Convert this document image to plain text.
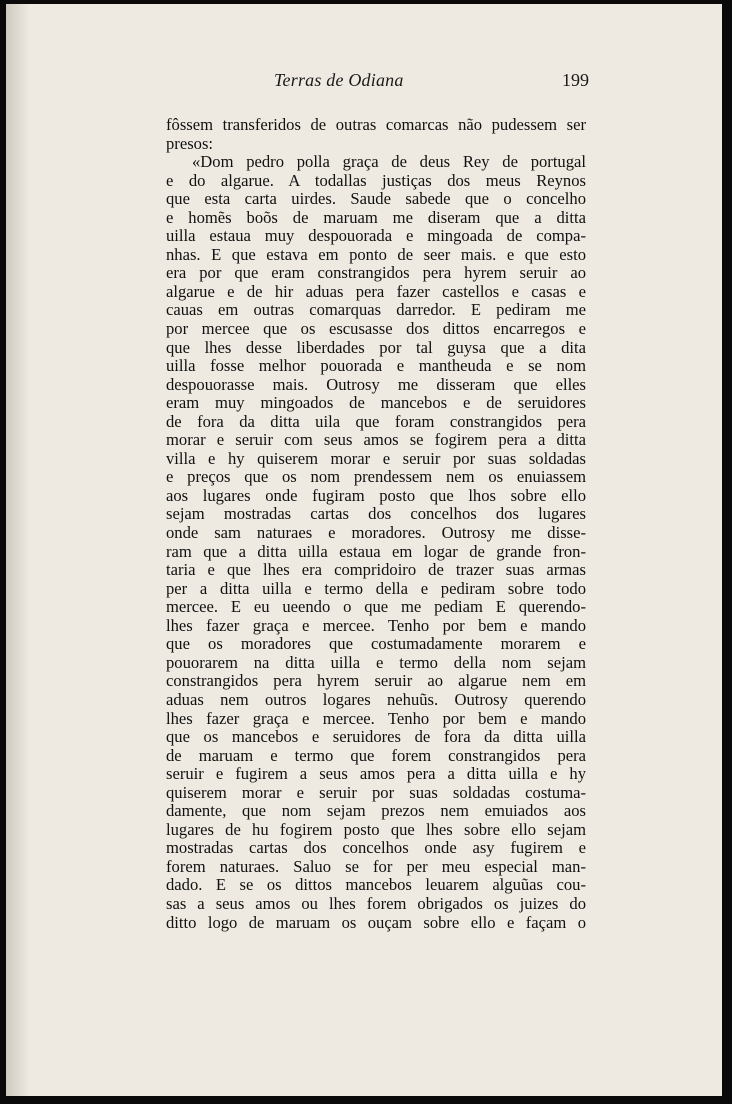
Terras de Odiana	199
fôssem transferidos de outras comarcas não pudessem ser
presos:
«Dom pedro polla graça de deus Rey de portugal
e do algarue. A todallas justiças dos meus Reynos
que esta carta uirdes. Saude sabede que o concelho
e homẽs boõs de maruam me diseram que a ditta
uilla estaua muy despouorada e mingoada de compa-
nhas. E que estava em ponto de seer mais. e que esto
era por que eram constrangidos pera hyrem seruir ao
algarue e de hir aduas pera fazer castellos e casas e
cauas em outras comarquas darredor. E pediram me
por mercee que os escusasse dos dittos encarregos e
que lhes desse liberdades por tal guysa que a dita
uilla fosse melhor pouorada e mantheuda e se nom
despouorasse mais. Outrosy me disseram que elles
eram muy mingoados de mancebos e de seruidores
de fora da ditta uila que foram constrangidos pera
morar e seruir com seus amos se fogirem pera a ditta
villa e hy quiserem morar e seruir por suas soldadas
e preços que os nom prendessem nem os enuiassem
aos lugares onde fugiram posto que lhos sobre ello
sejam mostradas cartas dos concelhos dos lugares
onde sam naturaes e moradores. Outrosy me disse-
ram que a ditta uilla estaua em logar de grande fron-
taria e que lhes era compridoiro de trazer suas armas
per a ditta uilla e termo della e pediram sobre todo
mercee. E eu ueendo o que me pediam E querendo-
lhes fazer graça e mercee. Tenho por bem e mando
que os moradores que costumadamente morarem e
pouorarem na ditta uilla e termo della nom sejam
constrangidos pera hyrem seruir ao algarue nem em
aduas nem outros logares nehuũs. Outrosy querendo
lhes fazer graça e mercee. Tenho por bem e mando
que os mancebos e seruidores de fora da ditta uilla
de maruam e termo que forem constrangidos pera
seruir e fugirem a seus amos pera a ditta uilla e hy
quiserem morar e seruir por suas soldadas costuma-
damente, que nom sejam prezos nem emuiados aos
lugares de hu fogirem posto que lhes sobre ello sejam
mostradas cartas dos concelhos onde asy fugirem e
forem naturaes. Saluo se for per meu especial man-
dado. E se os dittos mancebos leuarem alguũas cou-
sas a seus amos ou lhes forem obrigados os juizes do
ditto logo de maruam os ouçam sobre ello e façam o
